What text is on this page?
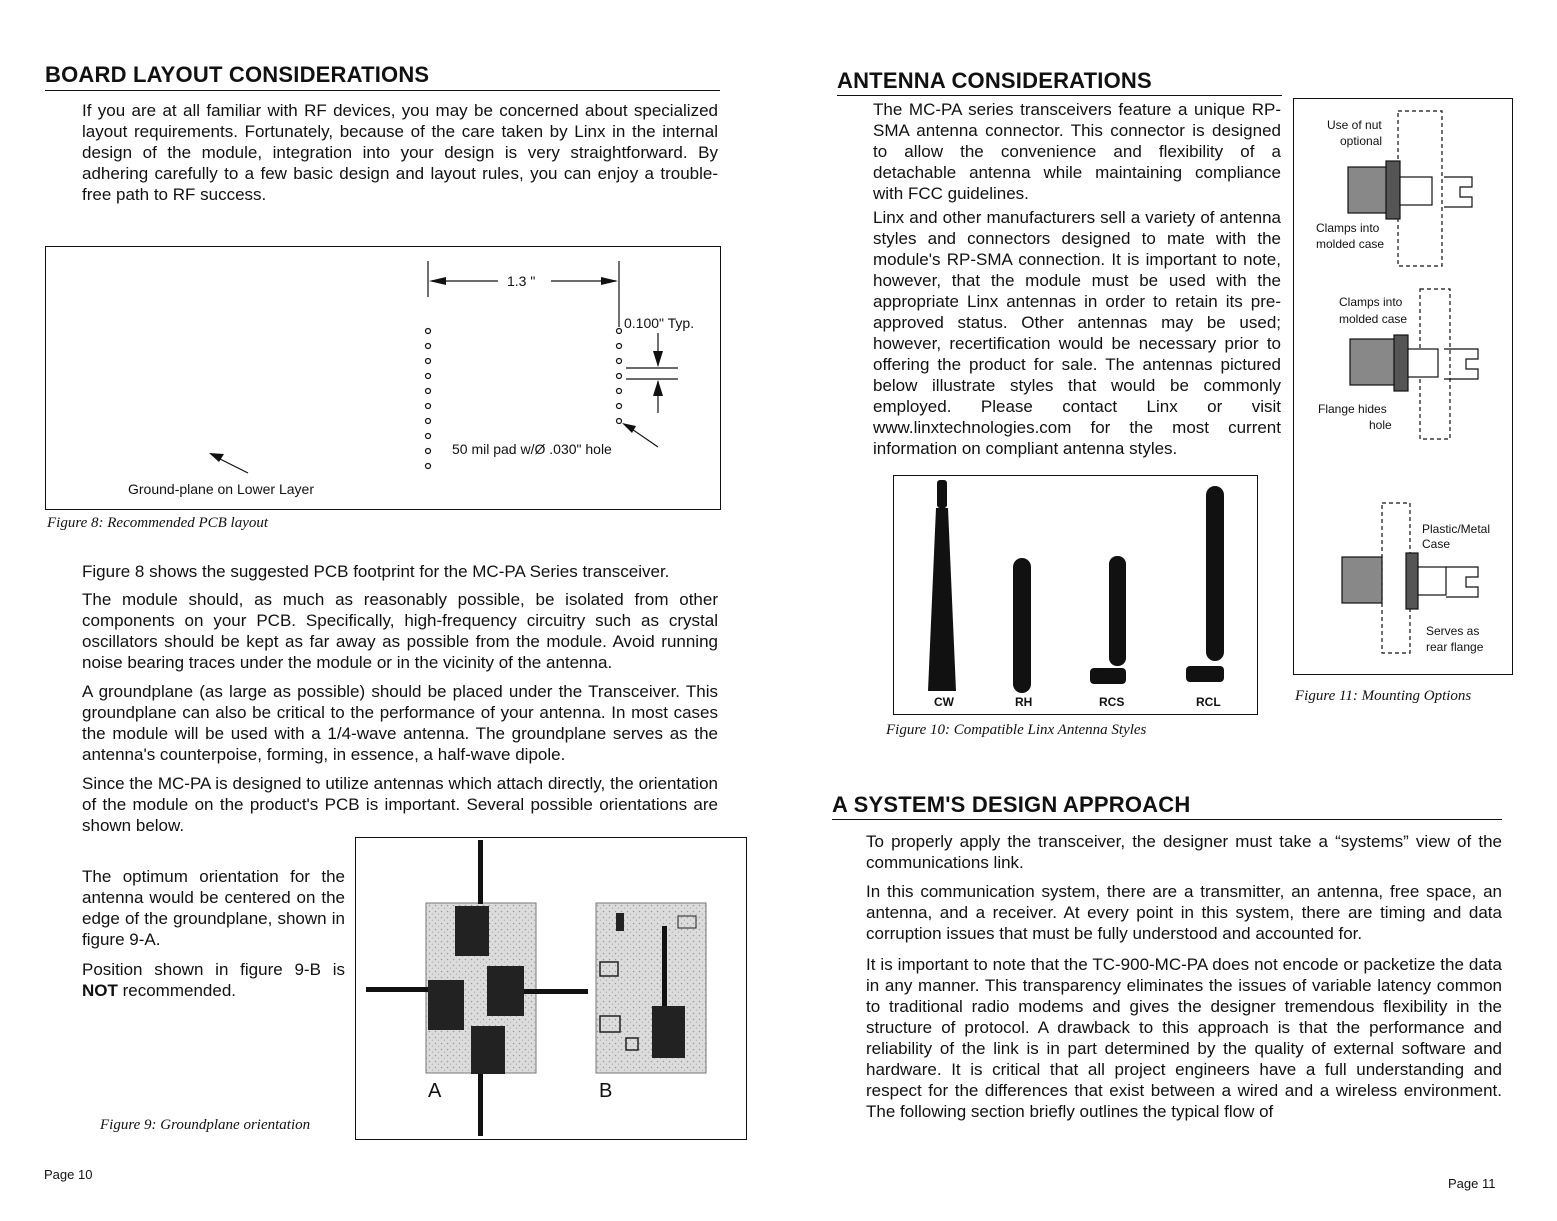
BOARD LAYOUT CONSIDERATIONS

If you are at all familiar with RF devices, you may be concerned about specialized layout requirements. Fortunately, because of the care taken by Linx in the internal design of the module, integration into your design is very straightforward. By adhering carefully to a few basic design and layout rules, you can enjoy a trouble-free path to RF success.

1.3 "
0.100" Typ.
50 mil pad w/Ø .030" hole
Ground-plane on Lower Layer
Figure 8: Recommended PCB layout

Figure 8 shows the suggested PCB footprint for the MC-PA Series transceiver.

The module should, as much as reasonably possible, be isolated from other components on your PCB. Specifically, high-frequency circuitry such as crystal oscillators should be kept as far away as possible from the module. Avoid running noise bearing traces under the module or in the vicinity of the antenna.

A groundplane (as large as possible) should be placed under the Transceiver. This groundplane can also be critical to the performance of your antenna. In most cases the module will be used with a 1/4-wave antenna. The groundplane serves as the antenna's counterpoise, forming, in essence, a half-wave dipole.

Since the MC-PA is designed to utilize antennas which attach directly, the orientation of the module on the product's PCB is important. Several possible orientations are shown below.

The optimum orientation for the antenna would be centered on the edge of the groundplane, shown in figure 9-A.

Position shown in figure 9-B is NOT recommended.

A	B
Figure 9: Groundplane orientation
Page 10
ANTENNA CONSIDERATIONS

The MC-PA series transceivers feature a unique RP-SMA antenna connector. This connector is designed to allow the convenience and flexibility of a detachable antenna while maintaining compliance with FCC guidelines.

Linx and other manufacturers sell a variety of antenna styles and connectors designed to mate with the module's RP-SMA connection. It is important to note, however, that the module must be used with the appropriate Linx antennas in order to retain its pre-approved status. Other antennas may be used; however, recertification would be necessary prior to offering the product for sale. The antennas pictured below illustrate styles that would be commonly employed. Please contact Linx or visit www.linxtechnologies.com for the most current information on compliant antenna styles.

CW	RH	RCS	RCL
Figure 10: Compatible Linx Antenna Styles
Use of nut
optional
Clamps into
molded case
Clamps into
molded case
Flange hides
hole
Plastic/Metal
Case
Serves as
rear flange
Figure 11: Mounting Options
A SYSTEM'S DESIGN APPROACH

To properly apply the transceiver, the designer must take a “systems” view of the communications link.

In this communication system, there are a transmitter, an antenna, free space, an antenna, and a receiver. At every point in this system, there are timing and data corruption issues that must be fully understood and accounted for.

It is important to note that the TC-900-MC-PA does not encode or packetize the data in any manner. This transparency eliminates the issues of variable latency common to traditional radio modems and gives the designer tremendous flexibility in the structure of protocol. A drawback to this approach is that the performance and reliability of the link is in part determined by the quality of external software and hardware. It is critical that all project engineers have a full understanding and respect for the differences that exist between a wired and a wireless environment. The following section briefly outlines the typical flow of

Page 11
